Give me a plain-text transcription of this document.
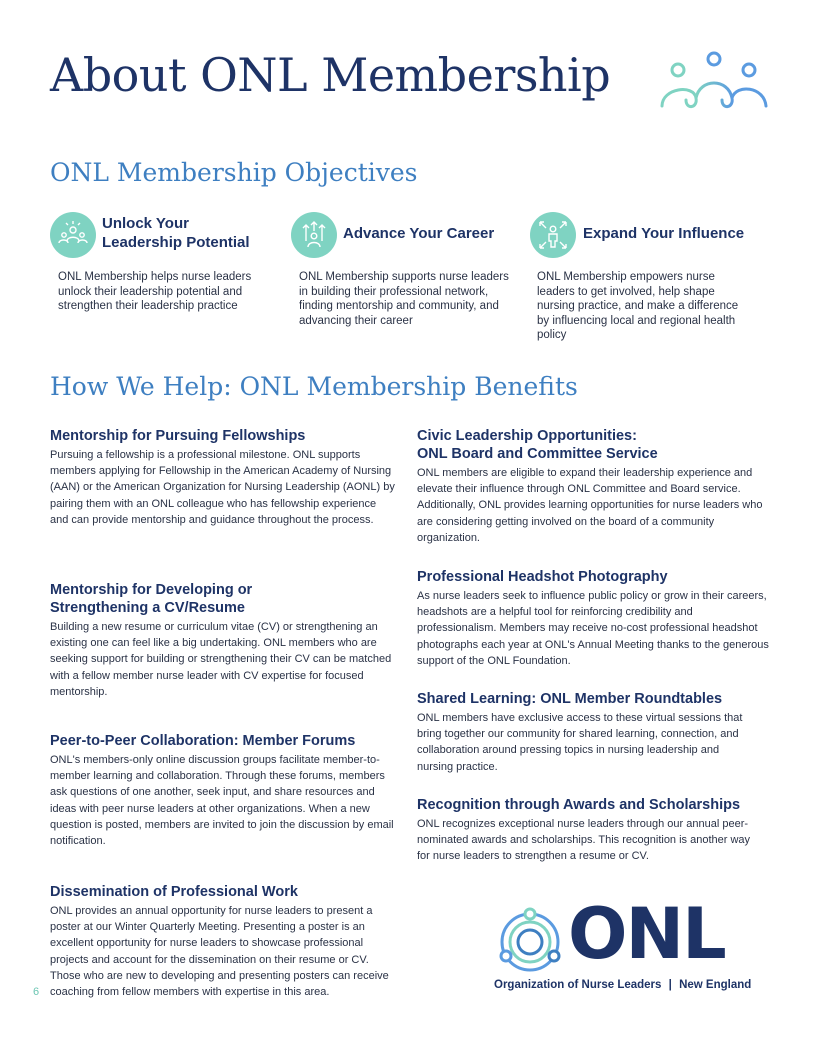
About ONL Membership
ONL Membership Objectives
Unlock Your
Leadership Potential
ONL Membership helps nurse leaders unlock their leadership potential and strengthen their leadership practice
Advance Your Career
ONL Membership supports nurse leaders in building their professional network, finding mentorship and community, and advancing their career
Expand Your Influence
ONL Membership empowers nurse leaders to get involved, help shape nursing practice, and make a difference by influencing local and regional health policy
How We Help: ONL Membership Benefits
Mentorship for Pursuing Fellowships
Pursuing a fellowship is a professional milestone. ONL supports members applying for Fellowship in the American Academy of Nursing (AAN) or the American Organization for Nursing Leadership (AONL) by pairing them with an ONL colleague who has fellowship experience and can provide mentorship and guidance throughout the process.
Mentorship for Developing or
Strengthening a CV/Resume
Building a new resume or curriculum vitae (CV) or strengthening an existing one can feel like a big undertaking. ONL members who are seeking support for building or strengthening their CV can be matched with a fellow member nurse leader with CV expertise for focused mentorship.
Peer-to-Peer Collaboration: Member Forums
ONL's members-only online discussion groups facilitate member-to-member learning and collaboration. Through these forums, members ask questions of one another, seek input, and share resources and ideas with peer nurse leaders at other organizations. When a new question is posted, members are invited to join the discussion by email notification.
Dissemination of Professional Work
ONL provides an annual opportunity for nurse leaders to present a poster at our Winter Quarterly Meeting. Presenting a poster is an excellent opportunity for nurse leaders to showcase professional projects and account for the dissemination on their resume or CV. Those who are new to developing and presenting posters can receive coaching from fellow members with expertise in this area.
Civic Leadership Opportunities:
ONL Board and Committee Service
ONL members are eligible to expand their leadership experience and elevate their influence through ONL Committee and Board service. Additionally, ONL provides learning opportunities for nurse leaders who are considering getting involved on the board of a community organization.
Professional Headshot Photography
As nurse leaders seek to influence public policy or grow in their careers, headshots are a helpful tool for reinforcing credibility and professionalism. Members may receive no-cost professional headshot photographs each year at ONL's Annual Meeting thanks to the generous support of the ONL Foundation.
Shared Learning: ONL Member Roundtables
ONL members have exclusive access to these virtual sessions that bring together our community for shared learning, connection, and collaboration around pressing topics in nursing leadership and nursing practice.
Recognition through Awards and Scholarships
ONL recognizes exceptional nurse leaders through our annual peer-nominated awards and scholarships. This recognition is another way for nurse leaders to strengthen a resume or CV.
ONL
Organization of Nurse Leaders | New England
6
